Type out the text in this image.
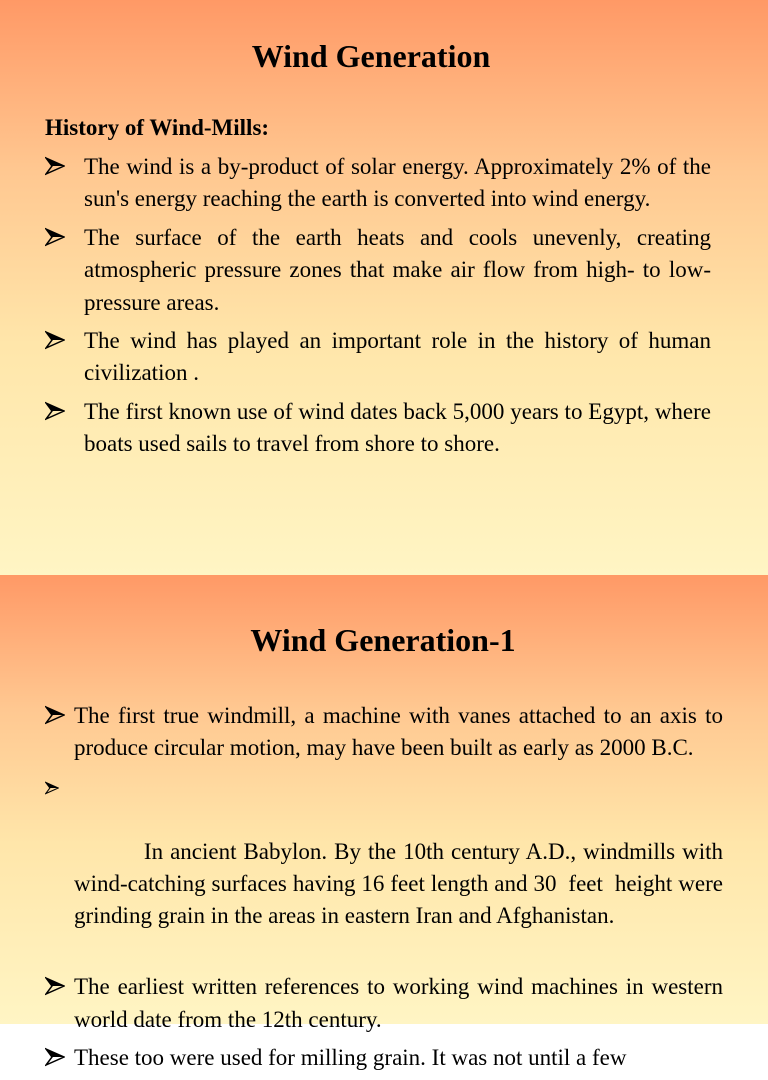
Wind Generation
History of Wind-Mills:
The wind is a by-product of solar energy. Approximately 2% of the sun's energy reaching the earth is converted into wind energy.
The surface of the earth heats and cools unevenly, creating atmospheric pressure zones that make air flow from high- to low-pressure areas.
The wind has played an important role in the history of human civilization .
The first known use of wind dates back 5,000 years to Egypt, where boats used sails to travel from shore to shore.
Wind Generation-1
The first true windmill, a machine with vanes attached to an axis to produce circular motion, may have been built as early as 2000 B.C.

In ancient Babylon. By the 10th century A.D., windmills with  wind-catching surfaces having 16 feet length and 30  feet  height were grinding grain in the areas in eastern Iran and Afghanistan.

The earliest written references to working wind machines in western world date from the 12th century.
These too were used for milling grain. It was not until a few
